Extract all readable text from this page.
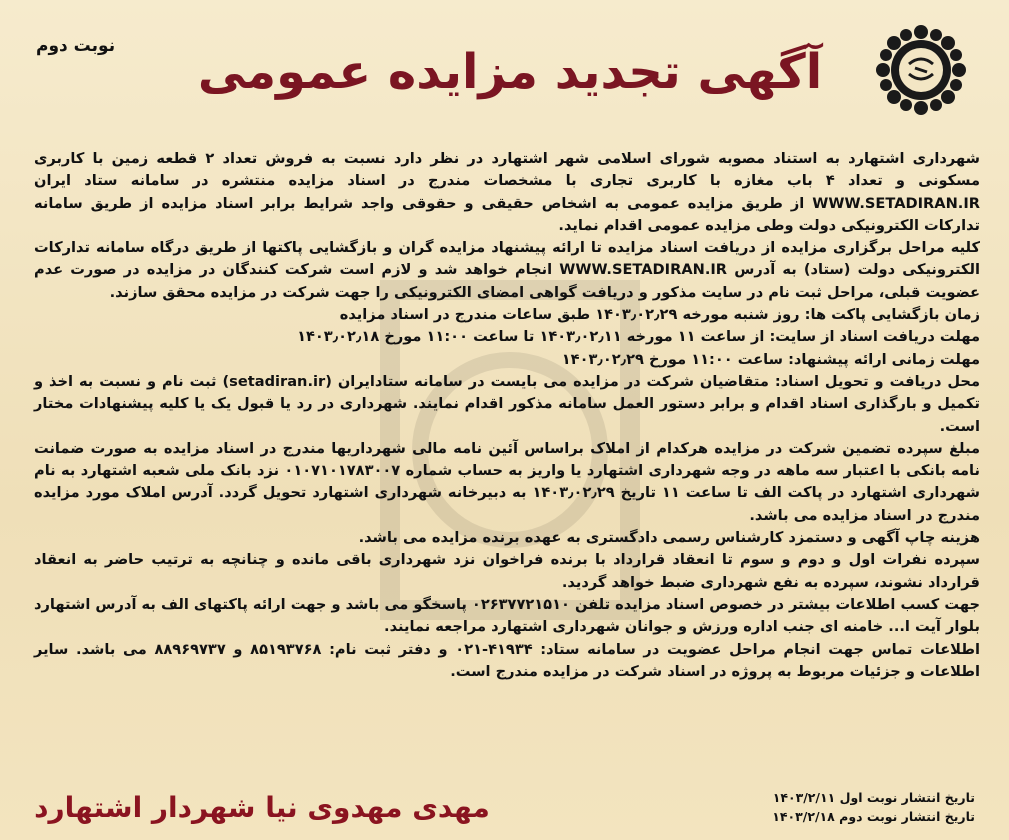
نوبت دوم	آگهی تجدید مزایده عمومی

شهرداری اشتهارد به استناد مصوبه شورای اسلامی شهر اشتهارد در نظر دارد نسبت به فروش تعداد ۲ قطعه زمین با کاربری مسکونی و تعداد ۴ باب مغازه با کاربری تجاری با مشخصات مندرج در اسناد مزایده منتشره در سامانه ستاد ایران WWW.SETADIRAN.IR از طریق مزایده عمومی به اشخاص حقیقی و حقوقی واجد شرایط برابر اسناد مزایده از طریق سامانه تدارکات الکترونیکی دولت وطی مزایده عمومی اقدام نماید.

کلیه مراحل برگزاری مزایده از دریافت اسناد مزایده تا ارائه پیشنهاد مزایده گران و بازگشایی پاکتها از طریق درگاه سامانه تدارکات الکترونیکی دولت (ستاد) به آدرس WWW.SETADIRAN.IR انجام خواهد شد و لازم است شرکت کنندگان در مزایده در صورت عدم عضویت قبلی، مراحل ثبت نام در سایت مذکور و دریافت گواهی امضای الکترونیکی را جهت شرکت در مزایده محقق سازند.

زمان بازگشایی پاکت ها: روز شنبه مورخه ۱۴۰۳٫۰۲٫۲۹ طبق ساعات مندرج در اسناد مزایده

مهلت دریافت اسناد از سایت: از ساعت ۱۱ مورخه ۱۴۰۳٫۰۲٫۱۱ تا ساعت ۱۱:۰۰ مورخ ۱۴۰۳٫۰۲٫۱۸

مهلت زمانی ارائه پیشنهاد: ساعت ۱۱:۰۰ مورخ ۱۴۰۳٫۰۲٫۲۹

محل دریافت و تحویل اسناد: متقاضیان شرکت در مزایده می بایست در سامانه ستادایران (setadiran.ir) ثبت نام و نسبت به اخذ و تکمیل و بارگذاری اسناد اقدام و برابر دستور العمل سامانه مذکور اقدام نمایند. شهرداری در رد یا قبول یک یا کلیه پیشنهادات مختار است.

مبلغ سپرده تضمین شرکت در مزایده هرکدام از املاک براساس آئین نامه مالی شهرداریها مندرج در اسناد مزایده به صورت ضمانت نامه بانکی با اعتبار سه ماهه در وجه شهرداری اشتهارد یا واریز به حساب شماره ۰۱۰۷۱۰۱۷۸۳۰۰۷ نزد بانک ملی شعبه اشتهارد به نام شهرداری اشتهارد در پاکت الف تا ساعت ۱۱ تاریخ ۱۴۰۳٫۰۲٫۲۹ به دبیرخانه شهرداری اشتهارد تحویل گردد. آدرس املاک مورد مزایده مندرج در اسناد مزایده می باشد.

هزینه چاپ آگهی و دستمزد کارشناس رسمی دادگستری به عهده برنده مزایده می باشد.

سپرده نفرات اول و دوم و سوم تا انعقاد قرارداد با برنده فراخوان نزد شهرداری باقی مانده و چنانچه به ترتیب حاضر به انعقاد قرارداد نشوند، سپرده به نفع شهرداری ضبط خواهد گردید.

جهت کسب اطلاعات بیشتر در خصوص اسناد مزایده تلفن ۰۲۶۳۷۷۲۱۵۱۰ پاسخگو می باشد و جهت ارائه پاکتهای الف به آدرس اشتهارد بلوار آیت ا... خامنه ای جنب اداره ورزش و جوانان شهرداری اشتهارد مراجعه نمایند.

اطلاعات تماس جهت انجام مراحل عضویت در سامانه ستاد: ۴۱۹۳۴-۰۲۱ و دفتر ثبت نام: ۸۵۱۹۳۷۶۸ و ۸۸۹۶۹۷۳۷ می باشد. سایر اطلاعات و جزئیات مربوط به پروژه در اسناد شرکت در مزایده مندرج است.

تاریخ انتشار نوبت اول ۱۴۰۳/۲/۱۱
تاریخ انتشار نوبت دوم ۱۴۰۳/۲/۱۸
مهدی مهدوی نیا شهردار اشتهارد
